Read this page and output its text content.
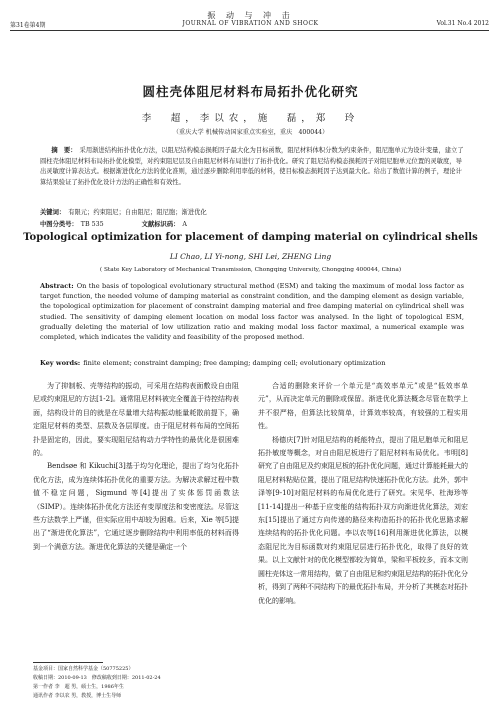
振 动 与 冲 击
JOURNAL OF VIBRATION AND SHOCK
第31卷第4期	Vol.31 No.4 2012
圆柱壳体阻尼材料布局拓扑优化研究
李　超，李以农，施　磊，郑　玲
（重庆大学 机械传动国家重点实验室，重庆　400044）
摘　要： 采用渐进结构拓扑优化方法，以阻尼结构模态损耗因子最大化为目标函数，阻尼材料体积分数为约束条件，阻尼胞单元为设计变量，建立了圆柱壳体阻尼材料布局拓扑优化模型，对约束阻尼层及自由阻尼材料布局进行了拓扑优化。研究了阻尼结构模态损耗因子对阻尼胞单元位置的灵敏度，导出灵敏度计算表达式。根据渐进优化方法的优化准则，通过逐步删除利用率低的材料，使目标模态损耗因子达到最大化。给出了数值计算的例子，理论计算结果验证了拓扑优化设计方法的正确性和有效性。
关键词： 有限元；约束阻尼；自由阻尼；阻尼胞；渐进优化
中图分类号： TB 535	文献标识码： A
Topological optimization for placement of damping material on cylindrical shells
LI Chao, LI Yi-nong, SHI Lei, ZHENG Ling
( State Key Laboratory of Mechanical Transmission, Chongqing University, Chongqing 400044, China)
Abstract: On the basis of topological evolutionary structural method (ESM) and taking the maximum of modal loss factor as target function, the needed volume of damping material as constraint condition, and the damping element as design variable, the topological optimization for placement of constraint damping material and free damping material on cylindrical shell was studied. The sensitivity of damping element location on modal loss factor was analysed. In the light of topological ESM, gradually deleting the material of low utilization ratio and making modal loss factor maximal, a numerical example was completed, which indicates the validity and feasibility of the proposed method.
Key words: finite element; constraint damping; free damping; damping cell; evolutionary optimization

为了抑制板、壳等结构的振动，可采用在结构表面敷设自由阻尼或约束阻尼的方法[1-2]。通常阻尼材料被完全覆盖于待控结构表面，结构设计的目的就是在尽量增大结构振动能量耗散前提下，确定阻尼材料的类型、层数及各层厚度。由于阻尼材料布局的空间拓扑是固定的，因此，要实现阻尼结构动力学特性的最优化是很困难的。

Bendsøe 和 Kikuchi[3]基于均匀化理论，提出了均匀化拓扑优化方法，成为连续体拓扑优化的重要方法。为解决求解过程中数值不稳定问题，Sigmund 等[4]提出了实体惩罚函数法（SIMP）。连续体拓扑优化方法还有变厚度法和变密度法。尽管这些方法数学上严谨，但实际应用中却较为困难。后来，Xie 等[5]提出了“渐进优化算法”，它通过逐步删除结构中利用率低的材料而得到一个满意方法。渐进优化算法的关键是确定一个

合适的删除来评价一个单元是“高效率单元”或是“低效率单元”，从而决定单元的删除或保留。渐进优化算法概念尽管在数学上并不很严格，但算法比较简单，计算效率较高，有较强的工程实用性。

杨德庆[7]针对阻尼结构的耗能特点，提出了阻尼胞单元和阻尼拓扑敏度等概念，对自由阻尼板进行了阻尼材料布局优化。韦明[8]研究了自由阻尼及约束阻尼板的拓扑优化问题，通过计算能耗最大的阻尼材料粘贴位置，提出了阻尼结构快速拓扑优化方法。此外，郭中泽等[9-10]对阻尼材料的布局优化进行了研究。宋见华、杜海珍等[11-14]提出一种基于应变能的结构拓扑双方向渐进优化算法，刘宏东[15]提出了通过方向传递的路径来构造拓扑的拓扑优化思路求解连续结构的拓扑优化问题。李以农等[16]利用渐进优化算法，以模态阻尼比为目标函数对约束阻尼层进行拓扑优化，取得了良好的效果。以上文献针对的优化模型都较为简单，梁和平板较多，而本文则圆柱壳体这一常用结构，做了自由阻尼和约束阻尼结构的拓扑优化分析，得到了两种不同结构下的最优拓扑布局，并分析了其模态对拓扑优化的影响。

基金项目：国家自然科学基金（50775225）
收稿日期：2010-09-13　修改稿收到日期：2011-02-24
第一作者 李　超 男，硕士生，1986年生
通讯作者 李以农 男，教授，博士生导师
